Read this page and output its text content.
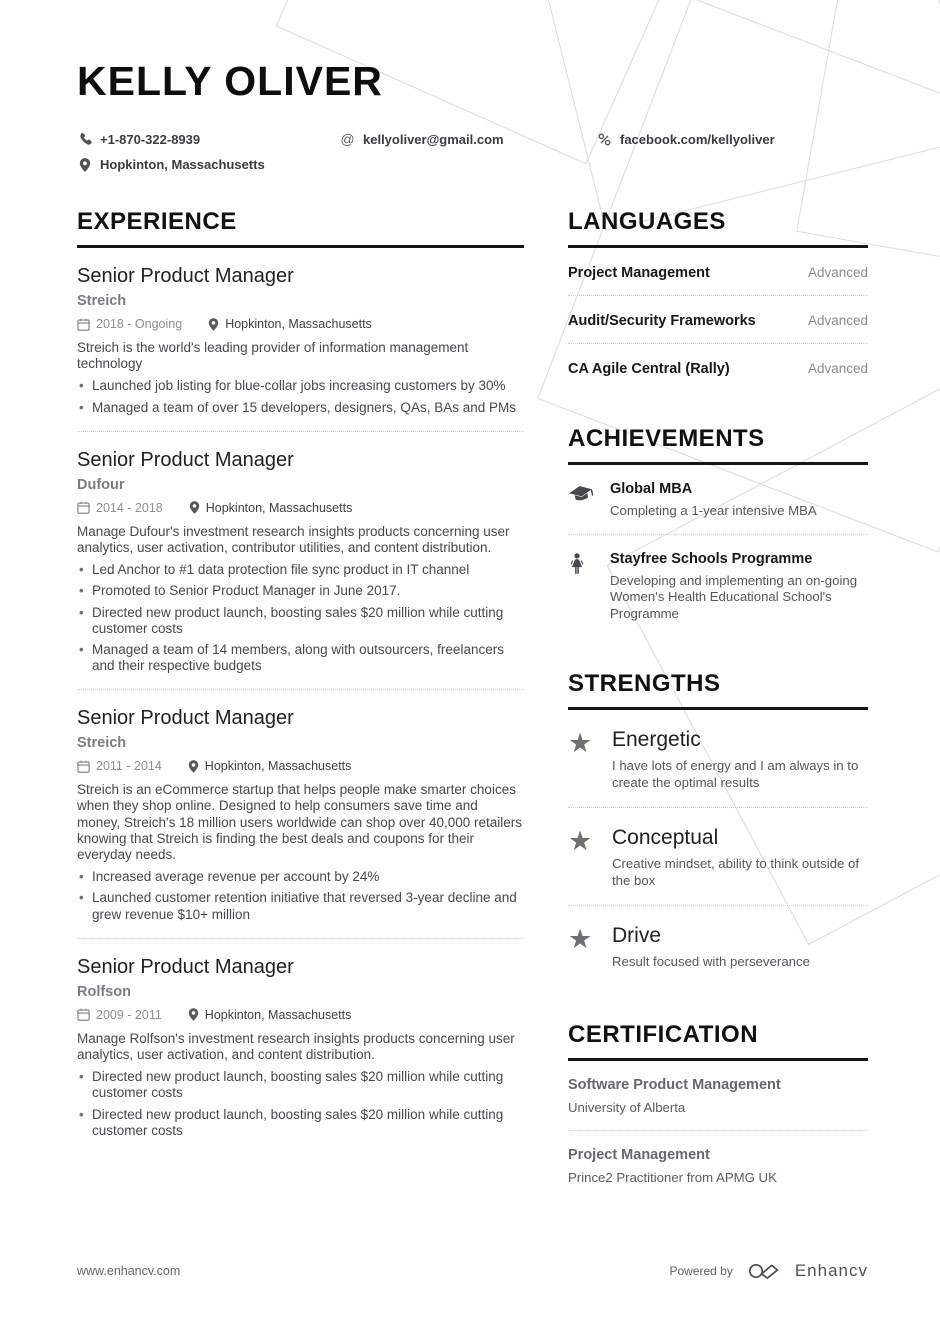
KELLY OLIVER
+1-870-322-8939	@ kellyoliver@gmail.com	facebook.com/kellyoliver
Hopkinton, Massachusetts
EXPERIENCE
Senior Product Manager
Streich
2018 - Ongoing	Hopkinton, Massachusetts
Streich is the world's leading provider of information management technology
• Launched job listing for blue-collar jobs increasing customers by 30%
• Managed a team of over 15 developers, designers, QAs, BAs and PMs
Senior Product Manager
Dufour
2014 - 2018	Hopkinton, Massachusetts
Manage Dufour's investment research insights products concerning user analytics, user activation, contributor utilities, and content distribution.
• Led Anchor to #1 data protection file sync product in IT channel
• Promoted to Senior Product Manager in June 2017.
• Directed new product launch, boosting sales $20 million while cutting customer costs
• Managed a team of 14 members, along with outsourcers, freelancers and their respective budgets
Senior Product Manager
Streich
2011 - 2014	Hopkinton, Massachusetts
Streich is an eCommerce startup that helps people make smarter choices when they shop online. Designed to help consumers save time and money, Streich's 18 million users worldwide can shop over 40,000 retailers knowing that Streich is finding the best deals and coupons for their everyday needs.
• Increased average revenue per account by 24%
• Launched customer retention initiative that reversed 3-year decline and grew revenue $10+ million
Senior Product Manager
Rolfson
2009 - 2011	Hopkinton, Massachusetts
Manage Rolfson's investment research insights products concerning user analytics, user activation, and content distribution.
• Directed new product launch, boosting sales $20 million while cutting customer costs
• Directed new product launch, boosting sales $20 million while cutting customer costs
LANGUAGES
Project Management	Advanced
Audit/Security Frameworks	Advanced
CA Agile Central (Rally)	Advanced
ACHIEVEMENTS
Global MBA
Completing a 1-year intensive MBA
Stayfree Schools Programme
Developing and implementing an on-going Women's Health Educational School's Programme
STRENGTHS
★ Energetic
I have lots of energy and I am always in to create the optimal results
★ Conceptual
Creative mindset, ability to think outside of the box
★ Drive
Result focused with perseverance
CERTIFICATION
Software Product Management
University of Alberta
Project Management
Prince2 Practitioner from APMG UK
www.enhancv.com	Powered by	Enhancv
